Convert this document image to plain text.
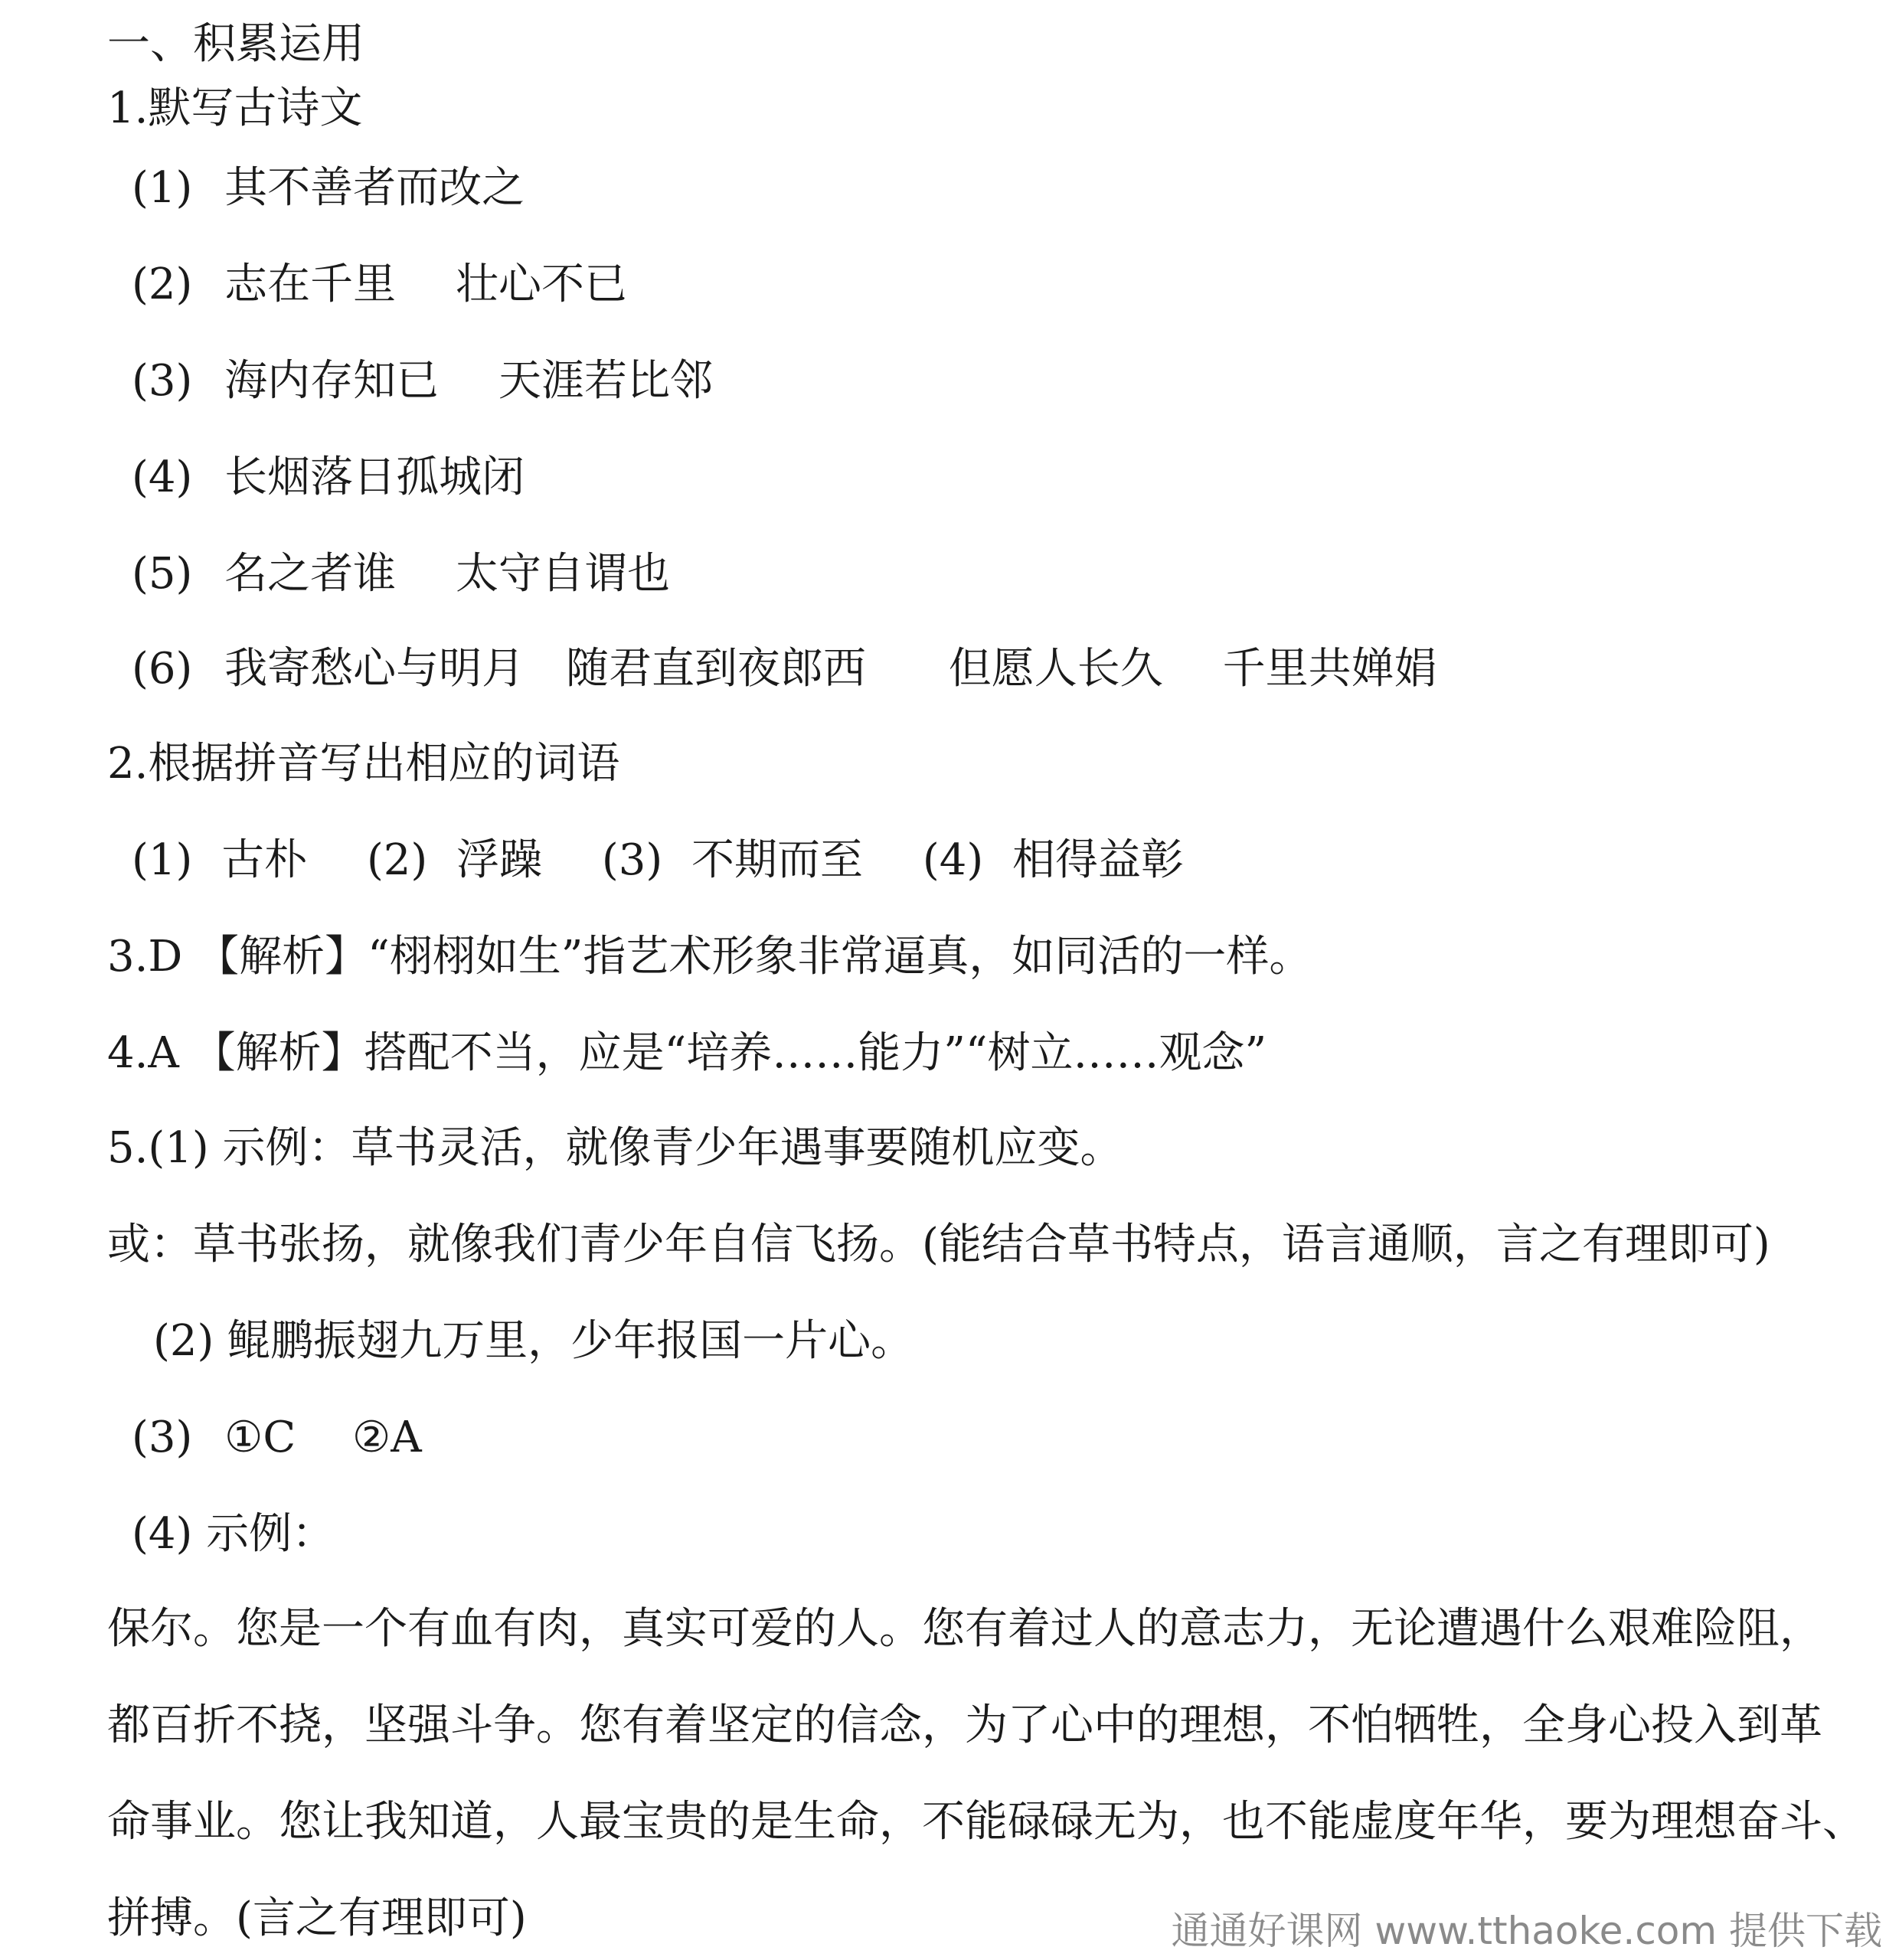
一、积累运用
1.默写古诗文
(1) 其不善者而改之
(2) 志在千里 壮心不已
(3) 海内存知已 天涯若比邻
(4) 长烟落日孤城闭
(5) 名之者谁 太守自谓也
(6) 我寄愁心与明月 随君直到夜郎西 但愿人长久 千里共婵娟
2.根据拼音写出相应的词语
(1) 古朴 (2) 浮躁 (3) 不期而至 (4) 相得益彰
3.D 【解析】“栩栩如生”指艺术形象非常逼真，如同活的一样。
4.A 【解析】搭配不当，应是“培养……能力”“树立……观念”
5.(1) 示例：草书灵活，就像青少年遇事要随机应变。
或：草书张扬，就像我们青少年自信飞扬。(能结合草书特点，语言通顺，言之有理即可)
(2) 鲲鹏振翅九万里，少年报国一片心。
(3) ①C ②A
(4) 示例：
保尔。您是一个有血有肉，真实可爱的人。您有着过人的意志力，无论遭遇什么艰难险阻，
都百折不挠，坚强斗争。您有着坚定的信念，为了心中的理想，不怕牺牲，全身心投入到革
命事业。您让我知道，人最宝贵的是生命，不能碌碌无为，也不能虚度年华，要为理想奋斗、
拼搏。(言之有理即可)	通通好课网 www.tthaoke.com 提供下载
